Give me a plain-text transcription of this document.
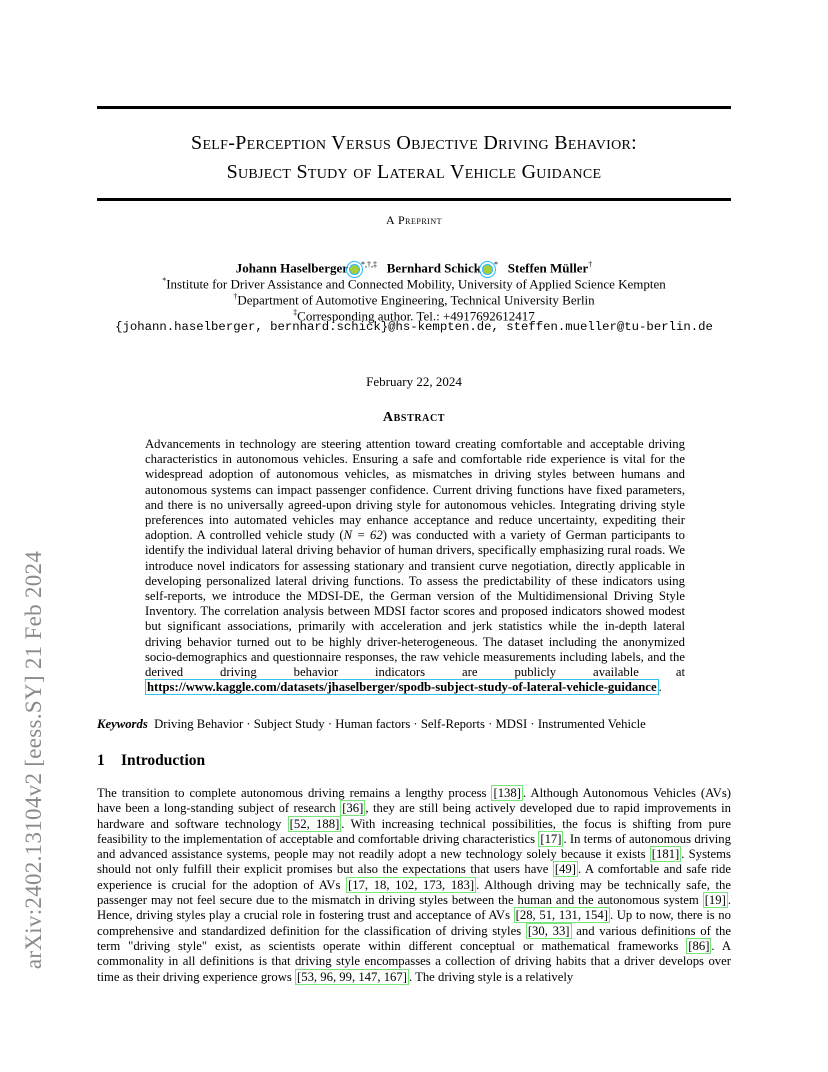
arXiv:2402.13104v2 [eess.SY] 21 Feb 2024
Self-Perception Versus Objective Driving Behavior:
Subject Study of Lateral Vehicle Guidance
A Preprint
Johann Haselberger *,†,‡ Bernhard Schick * Steffen Müller†
*Institute for Driver Assistance and Connected Mobility, University of Applied Science Kempten
†Department of Automotive Engineering, Technical University Berlin
‡Corresponding author. Tel.: +4917692612417
{johann.haselberger, bernhard.schick}@hs-kempten.de, steffen.mueller@tu-berlin.de
February 22, 2024
Abstract
Advancements in technology are steering attention toward creating comfortable and acceptable driving characteristics in autonomous vehicles. Ensuring a safe and comfortable ride experience is vital for the widespread adoption of autonomous vehicles, as mismatches in driving styles between humans and autonomous systems can impact passenger confidence. Current driving functions have fixed parameters, and there is no universally agreed-upon driving style for autonomous vehicles. Integrating driving style preferences into automated vehicles may enhance acceptance and reduce uncertainty, expediting their adoption. A controlled vehicle study (N = 62) was conducted with a variety of German participants to identify the individual lateral driving behavior of human drivers, specifically emphasizing rural roads. We introduce novel indicators for assessing stationary and transient curve negotiation, directly applicable in developing personalized lateral driving functions. To assess the predictability of these indicators using self-reports, we introduce the MDSI-DE, the German version of the Multidimensional Driving Style Inventory. The correlation analysis between MDSI factor scores and proposed indicators showed modest but significant associations, primarily with acceleration and jerk statistics while the in-depth lateral driving behavior turned out to be highly driver-heterogeneous. The dataset including the anonymized socio-demographics and questionnaire responses, the raw vehicle measurements including labels, and the derived driving behavior indicators are publicly available at https://www.kaggle.com/datasets/jhaselberger/spodb-subject-study-of-lateral-vehicle-guidance .
Keywords Driving Behavior · Subject Study · Human factors · Self-Reports · MDSI · Instrumented Vehicle
1 Introduction
The transition to complete autonomous driving remains a lengthy process [138] . Although Autonomous Vehicles (AVs) have been a long-standing subject of research [36] , they are still being actively developed due to rapid improvements in hardware and software technology [52, 188] . With increasing technical possibilities, the focus is shifting from pure feasibility to the implementation of acceptable and comfortable driving characteristics [17] . In terms of autonomous driving and advanced assistance systems, people may not readily adopt a new technology solely because it exists [181] . Systems should not only fulfill their explicit promises but also the expectations that users have [49] . A comfortable and safe ride experience is crucial for the adoption of AVs [17, 18, 102, 173, 183] . Although driving may be technically safe, the passenger may not feel secure due to the mismatch in driving styles between the human and the autonomous system [19] . Hence, driving styles play a crucial role in fostering trust and acceptance of AVs [28, 51, 131, 154] . Up to now, there is no comprehensive and standardized definition for the classification of driving styles [30, 33] and various definitions of the term "driving style" exist, as scientists operate within different conceptual or mathematical frameworks [86] . A commonality in all definitions is that driving style encompasses a collection of driving habits that a driver develops over time as their driving experience grows [53, 96, 99, 147, 167] . The driving style is a relatively
